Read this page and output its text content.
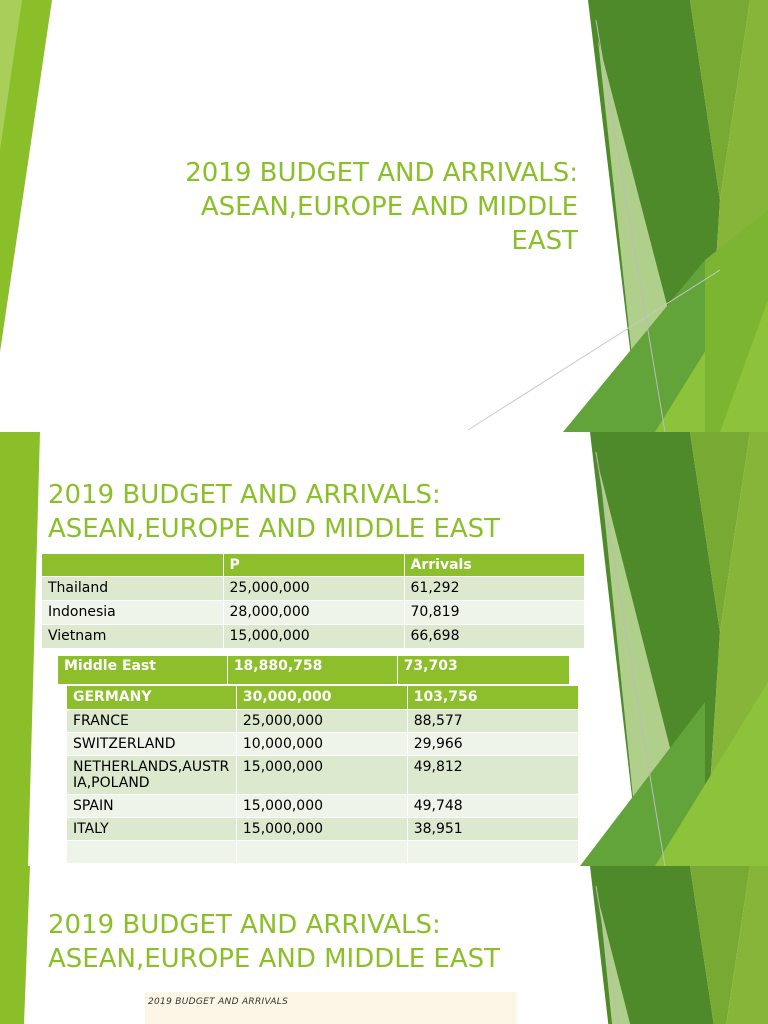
2019 BUDGET AND ARRIVALS:
ASEAN,EUROPE AND MIDDLE
EAST
2019 BUDGET AND ARRIVALS:
ASEAN,EUROPE AND MIDDLE EAST
	P	Arrivals
Thailand	25,000,000	61,292
Indonesia	28,000,000	70,819
Vietnam	15,000,000	66,698
Middle East	18,880,758	73,703
GERMANY	30,000,000	103,756
FRANCE	25,000,000	88,577
SWITZERLAND	10,000,000	29,966
NETHERLANDS,AUSTRIA,POLAND	15,000,000	49,812
SPAIN	15,000,000	49,748
ITALY	15,000,000	38,951

2019 BUDGET AND ARRIVALS:
ASEAN,EUROPE AND MIDDLE EAST
2019 BUDGET AND ARRIVALS
